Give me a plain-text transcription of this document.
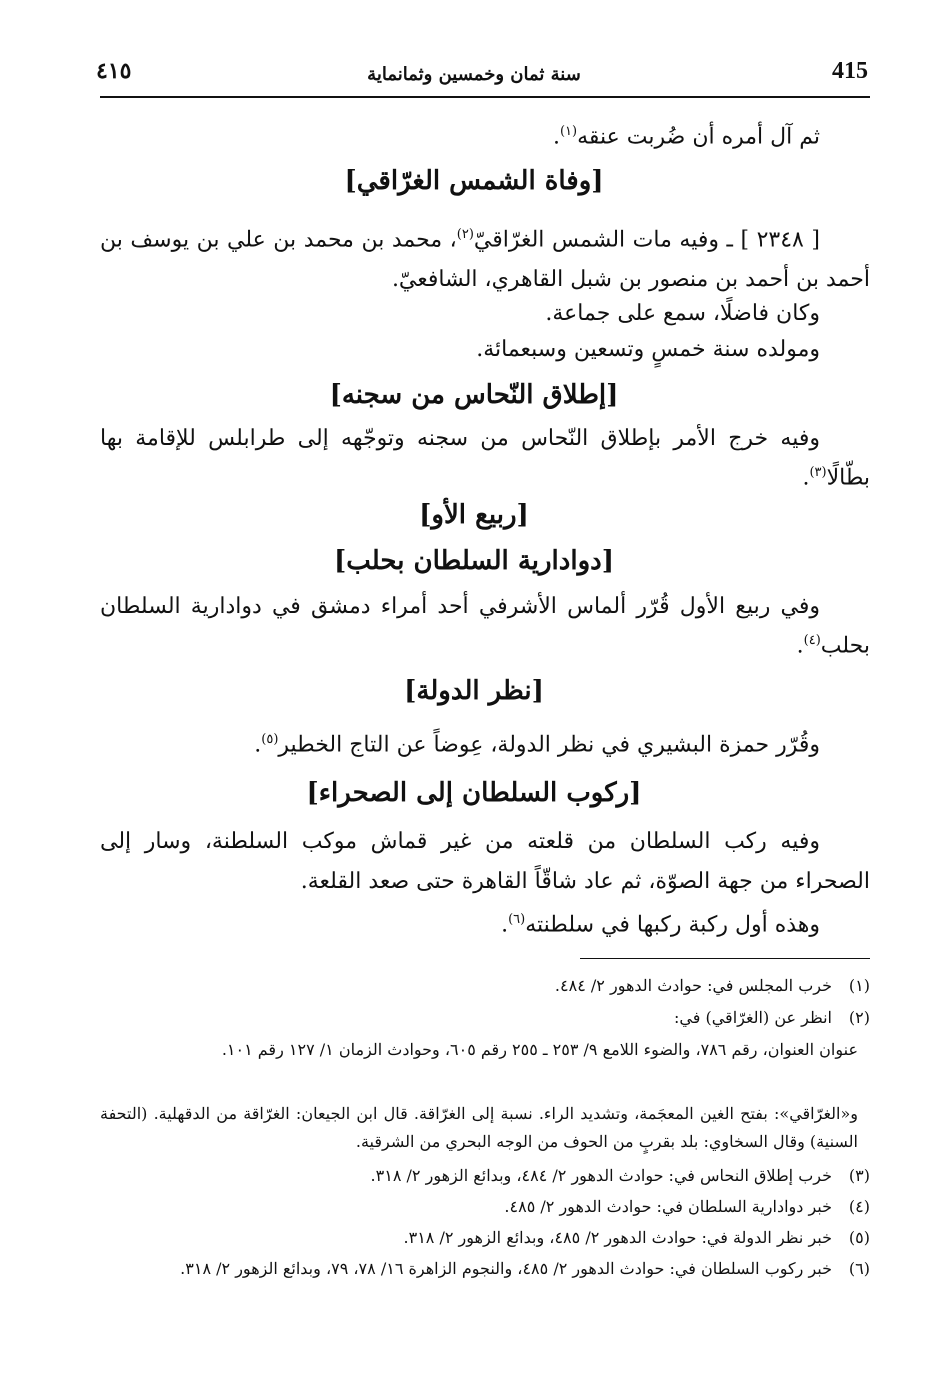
415
سنة ثمان وخمسين وثمانماية
٤١٥
ثم آل أمره أن ضُربت عنقه$^{(١)}$.
[وفاة الشمس الغرّاقي]
[ ٢٣٤٨ ] ـ وفيه مات الشمس الغرّاقيّ$^{(٢)}$، محمد بن محمد بن علي بن يوسف بن أحمد بن أحمد بن منصور بن شبل القاهري، الشافعيّ.
وكان فاضلًا، سمع على جماعة.
ومولده سنة خمسٍ وتسعين وسبعمائة.
[إطلاق النّحاس من سجنه]
وفيه خرج الأمر بإطلاق النّحاس من سجنه وتوجّهه إلى طرابلس للإقامة بها بطّالًا$^{(٣)}$.
[ربيع الأو]
[دوادارية السلطان بحلب]
وفي ربيع الأول قُرّر ألماس الأشرفي أحد أمراء دمشق في دوادارية السلطان بحلب$^{(٤)}$.
[نظر الدولة]
وقُرّر حمزة البشيري في نظر الدولة، عِوضاً عن التاج الخطير$^{(٥)}$.
[ركوب السلطان إلى الصحراء]
وفيه ركب السلطان من قلعته من غير قماش موكب السلطنة، وسار إلى الصحراء من جهة الصوّة، ثم عاد شاقّاً القاهرة حتى صعد القلعة.
وهذه أول ركبة ركبها في سلطنته$^{(٦)}$.
(١)
خرب المجلس في: حوادث الدهور ٢/ ٤٨٤.
(٢)
انظر عن (الغرّاقي) في:
عنوان العنوان، رقم ٧٨٦، والضوء اللامع ٩/ ٢٥٣ ـ ٢٥٥ رقم ٦٠٥، وحوادث الزمان ١/ ١٢٧ رقم ١٠١.
و«الغرّاقي»: بفتح الغين المعجَمة، وتشديد الراء. نسبة إلى الغرّاقة. قال ابن الجيعان: الغرّاقة من الدقهلية. (التحفة السنية) وقال السخاوي: بلد بقربٍ من الحوف من الوجه البحري من الشرقية.
(٣)
خرب إطلاق النحاس في: حوادث الدهور ٢/ ٤٨٤، وبدائع الزهور ٢/ ٣١٨.
(٤)
خبر دوادارية السلطان في: حوادث الدهور ٢/ ٤٨٥.
(٥)
خبر نظر الدولة في: حوادث الدهور ٢/ ٤٨٥، وبدائع الزهور ٢/ ٣١٨.
(٦)
خبر ركوب السلطان في: حوادث الدهور ٢/ ٤٨٥، والنجوم الزاهرة ١٦/ ٧٨، ٧٩، وبدائع الزهور ٢/ ٣١٨.
